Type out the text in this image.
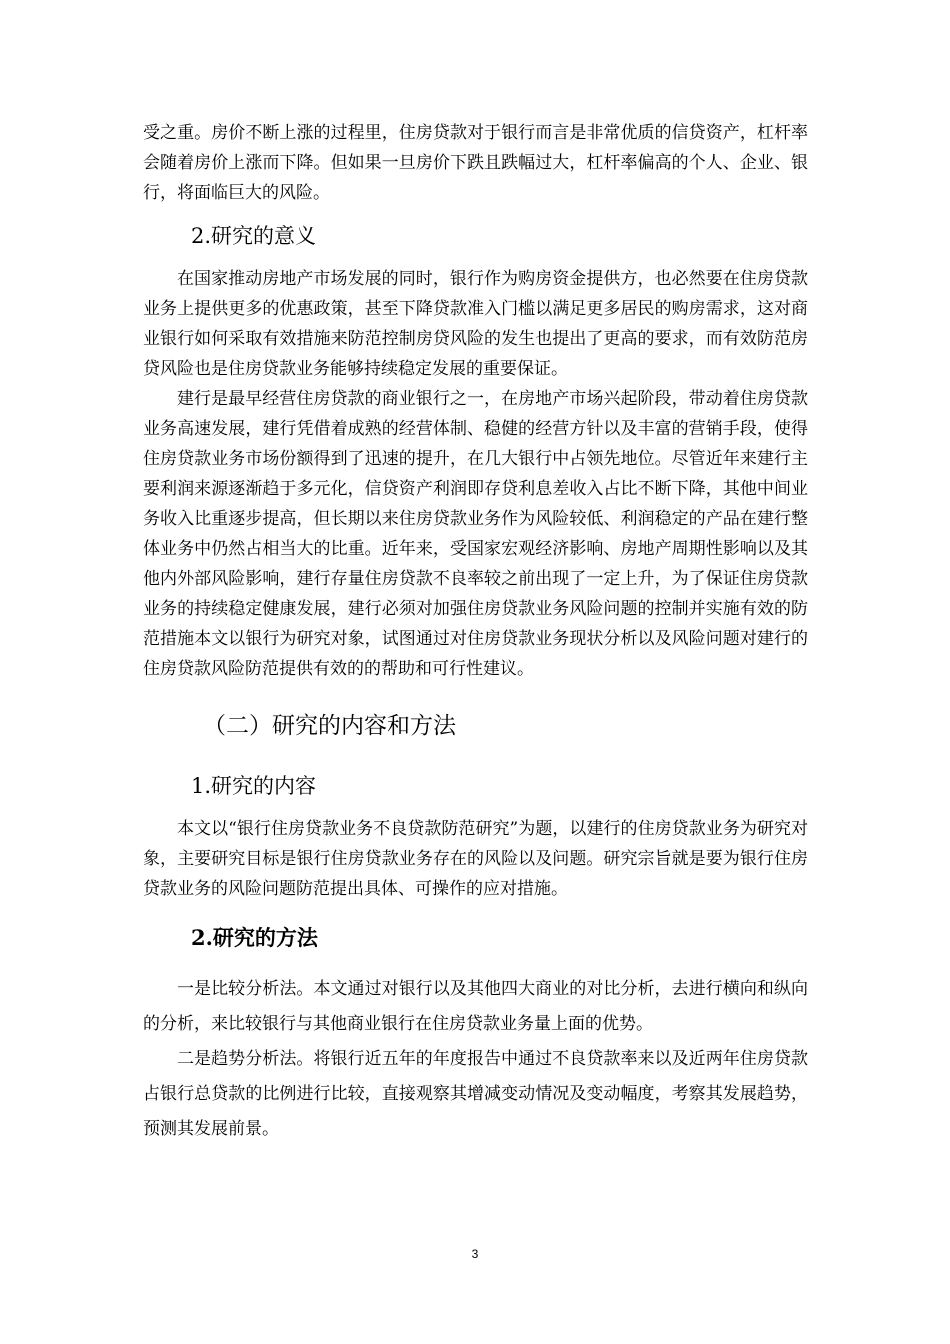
受之重。房价不断上涨的过程里，住房贷款对于银行而言是非常优质的信贷资产，杠杆率会随着房价上涨而下降。但如果一旦房价下跌且跌幅过大，杠杆率偏高的个人、企业、银行，将面临巨大的风险。

2.研究的意义

在国家推动房地产市场发展的同时，银行作为购房资金提供方，也必然要在住房贷款业务上提供更多的优惠政策，甚至下降贷款准入门槛以满足更多居民的购房需求，这对商业银行如何采取有效措施来防范控制房贷风险的发生也提出了更高的要求，而有效防范房贷风险也是住房贷款业务能够持续稳定发展的重要保证。

建行是最早经营住房贷款的商业银行之一，在房地产市场兴起阶段，带动着住房贷款业务高速发展，建行凭借着成熟的经营体制、稳健的经营方针以及丰富的营销手段，使得住房贷款业务市场份额得到了迅速的提升，在几大银行中占领先地位。尽管近年来建行主要利润来源逐渐趋于多元化，信贷资产利润即存贷利息差收入占比不断下降，其他中间业务收入比重逐步提高，但长期以来住房贷款业务作为风险较低、利润稳定的产品在建行整体业务中仍然占相当大的比重。近年来，受国家宏观经济影响、房地产周期性影响以及其他内外部风险影响，建行存量住房贷款不良率较之前出现了一定上升，为了保证住房贷款业务的持续稳定健康发展，建行必须对加强住房贷款业务风险问题的控制并实施有效的防范措施本文以银行为研究对象，试图通过对住房贷款业务现状分析以及风险问题对建行的住房贷款风险防范提供有效的的帮助和可行性建议。

（二）研究的内容和方法
1.研究的内容

本文以“银行住房贷款业务不良贷款防范研究”为题，以建行的住房贷款业务为研究对象，主要研究目标是银行住房贷款业务存在的风险以及问题。研究宗旨就是要为银行住房贷款业务的风险问题防范提出具体、可操作的应对措施。

2.研究的方法

一是比较分析法。本文通过对银行以及其他四大商业的对比分析，去进行横向和纵向的分析，来比较银行与其他商业银行在住房贷款业务量上面的优势。

二是趋势分析法。将银行近五年的年度报告中通过不良贷款率来以及近两年住房贷款占银行总贷款的比例进行比较，直接观察其增减变动情况及变动幅度，考察其发展趋势，预测其发展前景。

3
